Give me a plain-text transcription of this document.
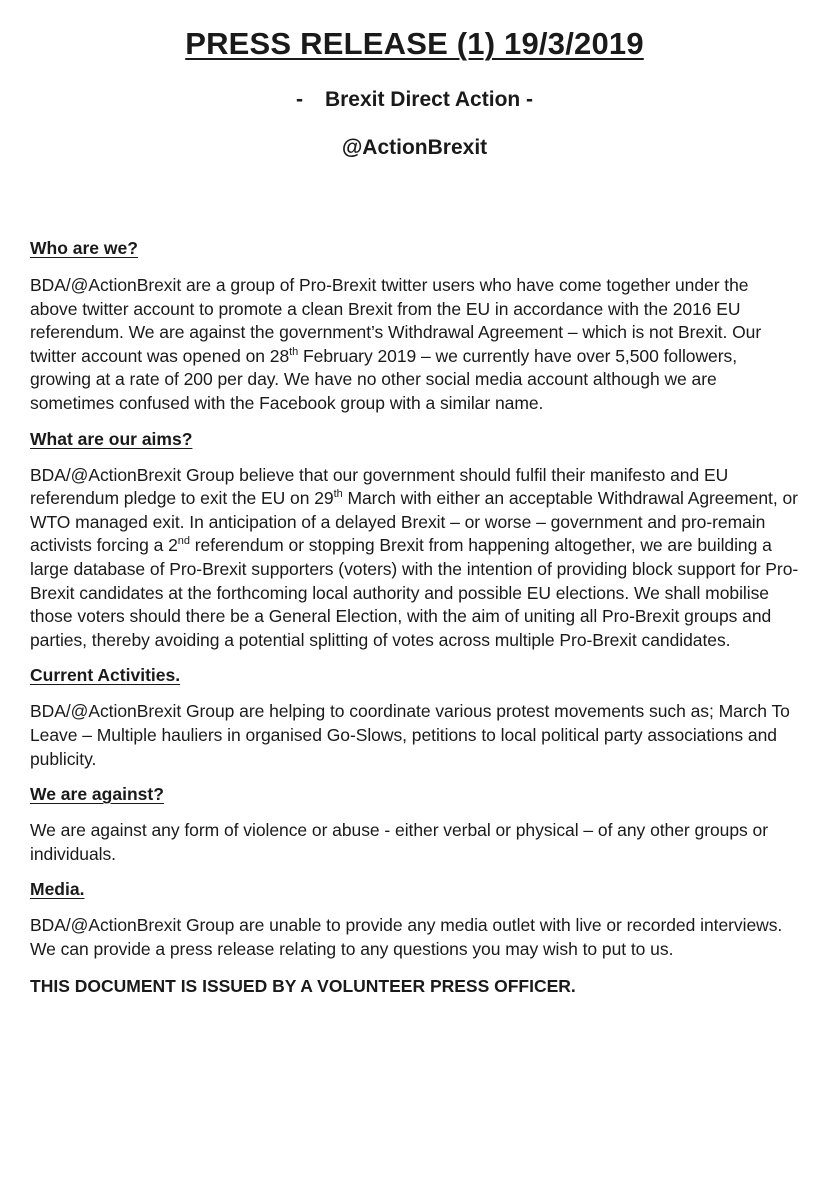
PRESS RELEASE (1) 19/3/2019

- Brexit Direct Action -

@ActionBrexit

Who are we?

BDA/@ActionBrexit are a group of Pro-Brexit twitter users who have come together under the above twitter account to promote a clean Brexit from the EU in accordance with the 2016 EU referendum. We are against the government’s Withdrawal Agreement – which is not Brexit. Our twitter account was opened on 28th February 2019 – we currently have over 5,500 followers, growing at a rate of 200 per day. We have no other social media account although we are sometimes confused with the Facebook group with a similar name.

What are our aims?

BDA/@ActionBrexit Group believe that our government should fulfil their manifesto and EU referendum pledge to exit the EU on 29th March with either an acceptable Withdrawal Agreement, or WTO managed exit. In anticipation of a delayed Brexit – or worse – government and pro-remain activists forcing a 2nd referendum or stopping Brexit from happening altogether, we are building a large database of Pro-Brexit supporters (voters) with the intention of providing block support for Pro-Brexit candidates at the forthcoming local authority and possible EU elections. We shall mobilise those voters should there be a General Election, with the aim of uniting all Pro-Brexit groups and parties, thereby avoiding a potential splitting of votes across multiple Pro-Brexit candidates.

Current Activities.

BDA/@ActionBrexit Group are helping to coordinate various protest movements such as; March To Leave – Multiple hauliers in organised Go-Slows, petitions to local political party associations and publicity.

We are against?

We are against any form of violence or abuse - either verbal or physical – of any other groups or individuals.

Media.

BDA/@ActionBrexit Group are unable to provide any media outlet with live or recorded interviews. We can provide a press release relating to any questions you may wish to put to us.

THIS DOCUMENT IS ISSUED BY A VOLUNTEER PRESS OFFICER.
